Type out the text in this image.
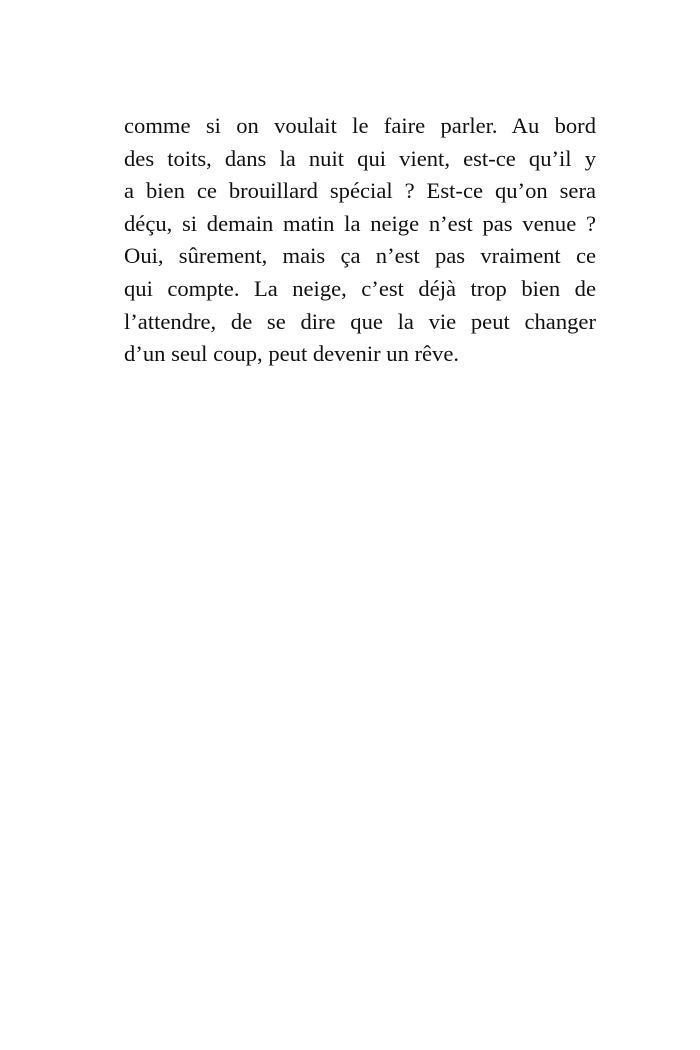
comme si on voulait le faire parler. Au bord
des toits, dans la nuit qui vient, est-ce qu’il y
a bien ce brouillard spécial ? Est-ce qu’on sera
déçu, si demain matin la neige n’est pas venue ?
Oui, sûrement, mais ça n’est pas vraiment ce
qui compte. La neige, c’est déjà trop bien de
l’attendre, de se dire que la vie peut changer
d’un seul coup, peut devenir un rêve.
